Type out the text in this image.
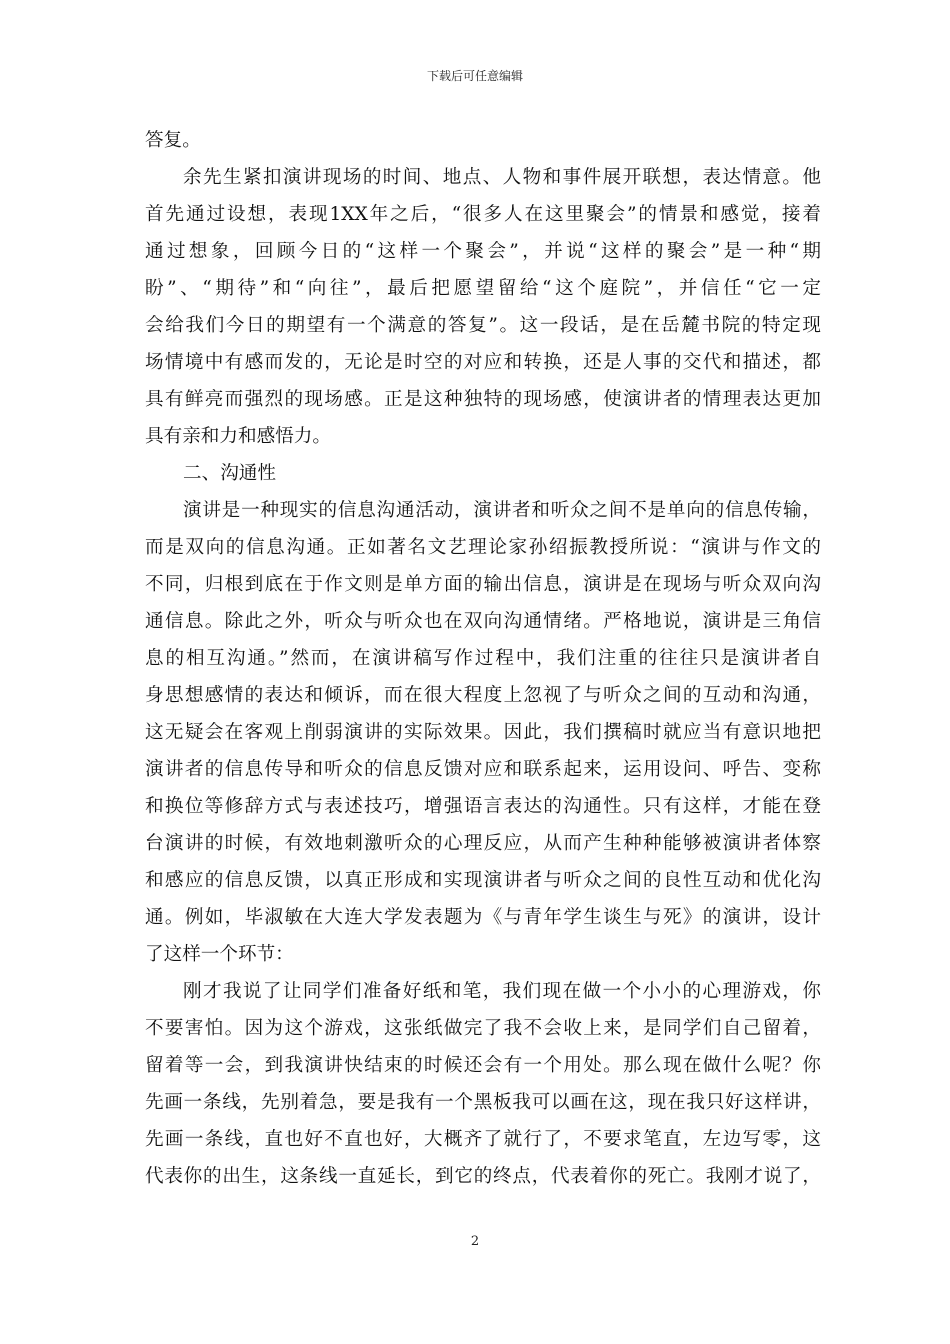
下载后可任意编辑
答复。
余先生紧扣演讲现场的时间、地点、人物和事件展开联想，表达情意。他
首先通过设想，表现1XX年之后，“很多人在这里聚会”的情景和感觉，接着
通过想象，回顾今日的“这样一个聚会”，并说“这样的聚会”是一种“期
盼”、“期待”和“向往”，最后把愿望留给“这个庭院”，并信任“它一定
会给我们今日的期望有一个满意的答复”。这一段话，是在岳麓书院的特定现
场情境中有感而发的，无论是时空的对应和转换，还是人事的交代和描述，都
具有鲜亮而强烈的现场感。正是这种独特的现场感，使演讲者的情理表达更加
具有亲和力和感悟力。
二、沟通性
演讲是一种现实的信息沟通活动，演讲者和听众之间不是单向的信息传输，
而是双向的信息沟通。正如著名文艺理论家孙绍振教授所说：“演讲与作文的
不同，归根到底在于作文则是单方面的输出信息，演讲是在现场与听众双向沟
通信息。除此之外，听众与听众也在双向沟通情绪。严格地说，演讲是三角信
息的相互沟通。”然而，在演讲稿写作过程中，我们注重的往往只是演讲者自
身思想感情的表达和倾诉，而在很大程度上忽视了与听众之间的互动和沟通，
这无疑会在客观上削弱演讲的实际效果。因此，我们撰稿时就应当有意识地把
演讲者的信息传导和听众的信息反馈对应和联系起来，运用设问、呼告、变称
和换位等修辞方式与表述技巧，增强语言表达的沟通性。只有这样，才能在登
台演讲的时候，有效地刺激听众的心理反应，从而产生种种能够被演讲者体察
和感应的信息反馈，以真正形成和实现演讲者与听众之间的良性互动和优化沟
通。例如，毕淑敏在大连大学发表题为《与青年学生谈生与死》的演讲，设计
了这样一个环节：
刚才我说了让同学们准备好纸和笔，我们现在做一个小小的心理游戏，你
不要害怕。因为这个游戏，这张纸做完了我不会收上来，是同学们自己留着，
留着等一会，到我演讲快结束的时候还会有一个用处。那么现在做什么呢？你
先画一条线，先别着急，要是我有一个黑板我可以画在这，现在我只好这样讲，
先画一条线，直也好不直也好，大概齐了就行了，不要求笔直，左边写零，这
代表你的出生，这条线一直延长，到它的终点，代表着你的死亡。我刚才说了，
2
